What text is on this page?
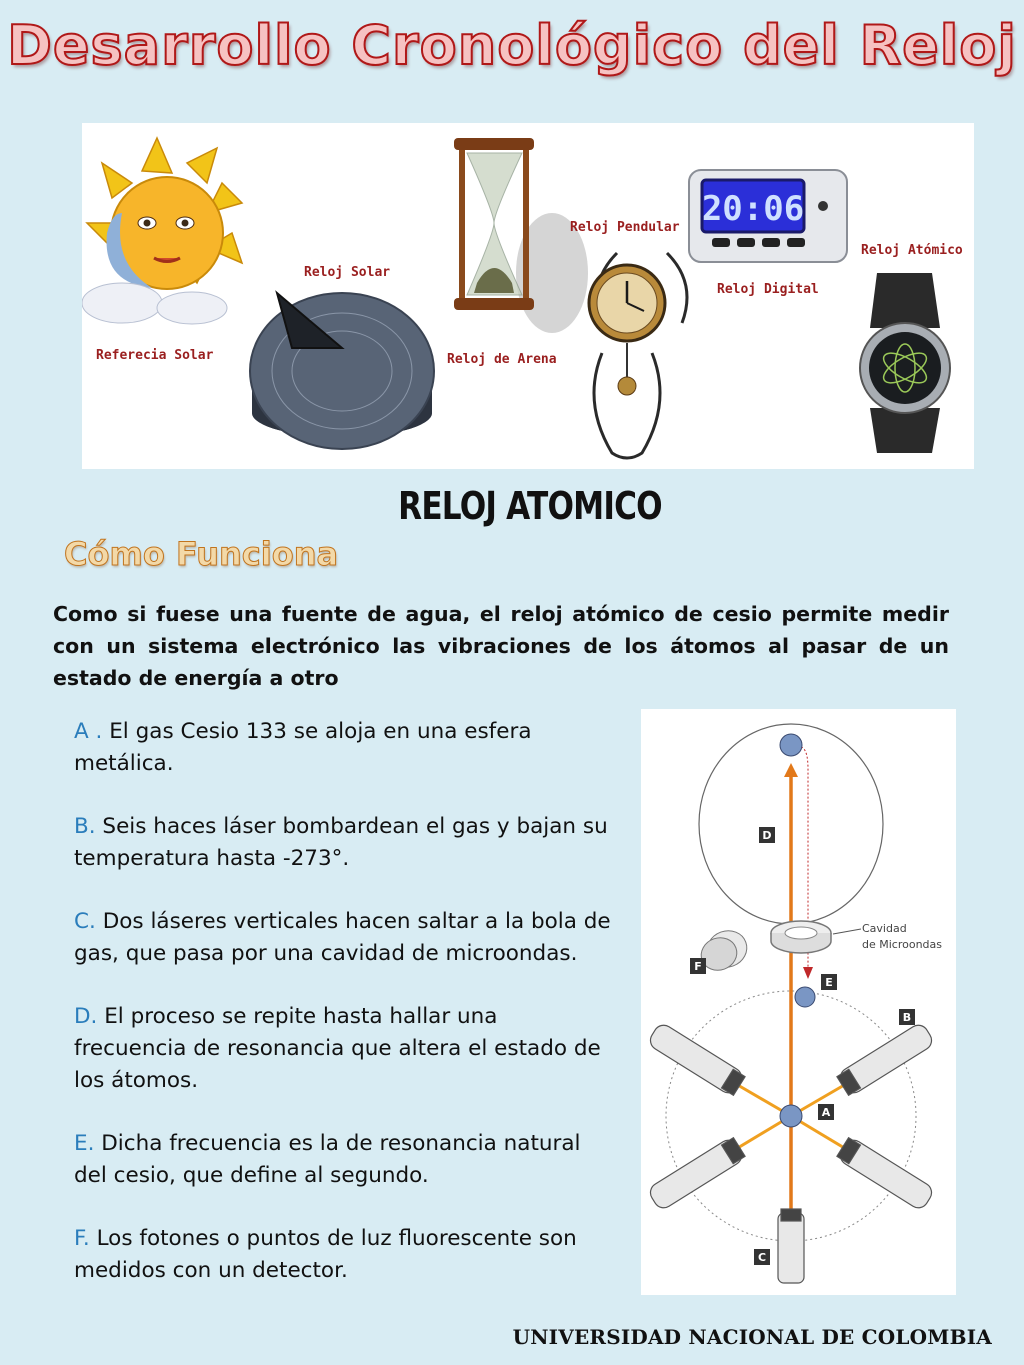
Desarrollo Cronológico del Reloj
Referecia Solar
Reloj Solar
Reloj de Arena
Reloj Pendular 20:06
Reloj Digital
Reloj Atómico
RELOJ ATOMICO
Cómo Funciona

Como si fuese una fuente de agua, el reloj atómico de cesio permite medir con un sistema electrónico las vibraciones de los átomos al pasar de un estado de energía a otro

A . El gas Cesio 133 se aloja en una esfera metálica.

B. Seis haces láser bombardean el gas y bajan su temperatura hasta -273°.

C. Dos láseres verticales hacen saltar a la bola de gas, que pasa por una cavidad de microondas.

D. El proceso se repite hasta hallar una frecuencia de resonancia que altera el estado de los átomos.

E. Dicha frecuencia es la de resonancia natural del cesio, que define al segundo.

F. Los fotones o puntos de luz fluorescente son medidos con un detector.

Cavidad
de Microondas
D
F
E
B
A
C
UNIVERSIDAD NACIONAL DE COLOMBIA
